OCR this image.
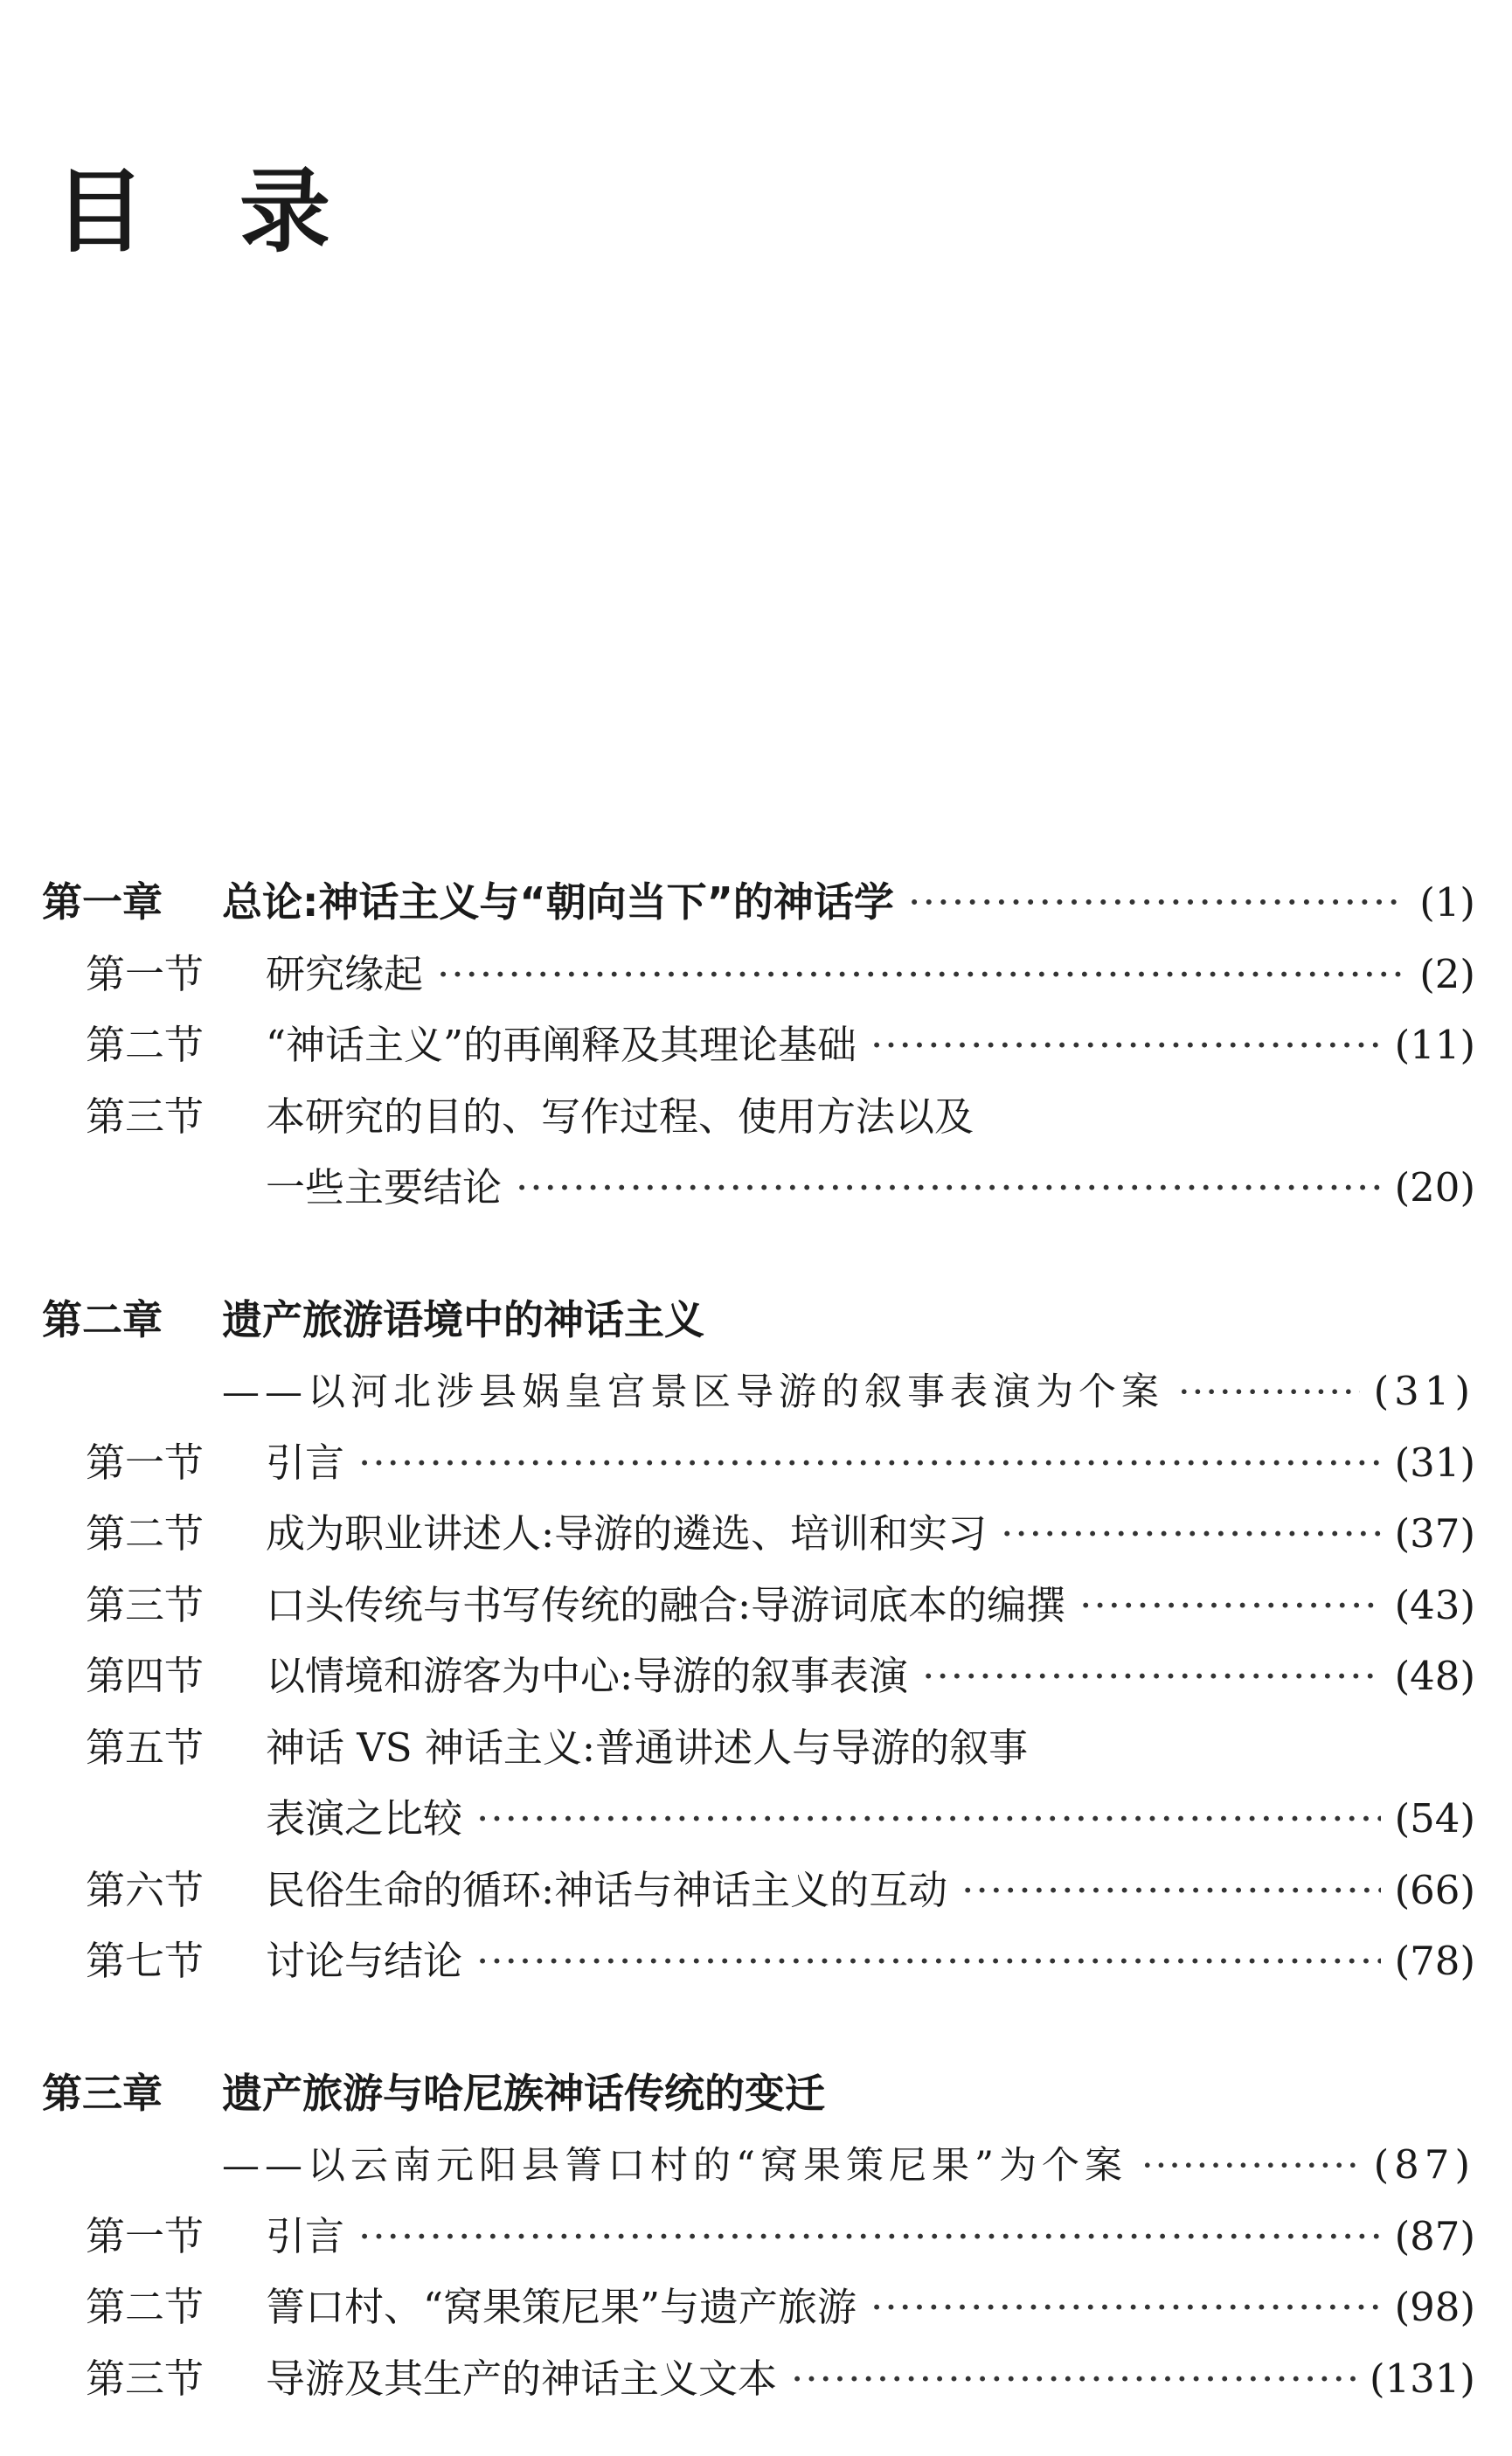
目 录
第一章	总论:神话主义与“朝向当下”的神话学 ·····	(1)
第一节	研究缘起 ·····	(2)
第二节	“神话主义”的再阐释及其理论基础 ·····	(11)
第三节	本研究的目的、写作过程、使用方法以及
一些主要结论 ·····	(20)
第二章	遗产旅游语境中的神话主义
——以河北涉县娲皇宫景区导游的叙事表演为个案 ·····	(31)
第一节	引言 ·····	(31)
第二节	成为职业讲述人:导游的遴选、培训和实习 ·····	(37)
第三节	口头传统与书写传统的融合:导游词底本的编撰 ·····	(43)
第四节	以情境和游客为中心:导游的叙事表演 ·····	(48)
第五节	神话 VS 神话主义:普通讲述人与导游的叙事
表演之比较 ·····	(54)
第六节	民俗生命的循环:神话与神话主义的互动 ·····	(66)
第七节	讨论与结论 ·····	(78)
第三章	遗产旅游与哈尼族神话传统的变迁
——以云南元阳县箐口村的“窝果策尼果”为个案 ·····	(87)
第一节	引言 ·····	(87)
第二节	箐口村、“窝果策尼果”与遗产旅游 ·····	(98)
第三节	导游及其生产的神话主义文本 ·····	(131)
